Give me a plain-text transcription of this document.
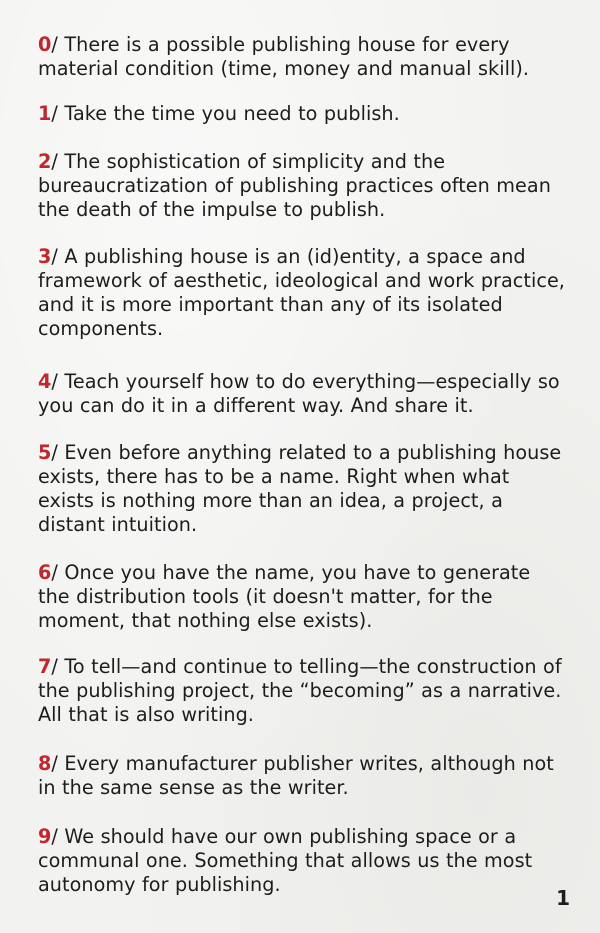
0/ There is a possible publishing house for every material condition (time, money and manual skill).

1/ Take the time you need to publish.

2/ The sophistication of simplicity and the bureaucratization of publishing practices often mean the death of the impulse to publish.

3/ A publishing house is an (id)entity, a space and framework of aesthetic, ideological and work practice, and it is more important than any of its isolated components.

4/ Teach yourself how to do everything—especially so you can do it in a different way. And share it.

5/ Even before anything related to a publishing house exists, there has to be a name. Right when what exists is nothing more than an idea, a project, a distant intuition.

6/ Once you have the name, you have to generate the distribution tools (it doesn't matter, for the moment, that nothing else exists).

7/ To tell—and continue to telling—the construction of the publishing project, the “becoming” as a narrative. All that is also writing.

8/ Every manufacturer publisher writes, although not in the same sense as the writer.

9/ We should have our own publishing space or a communal one. Something that allows us the most autonomy for publishing.

1
